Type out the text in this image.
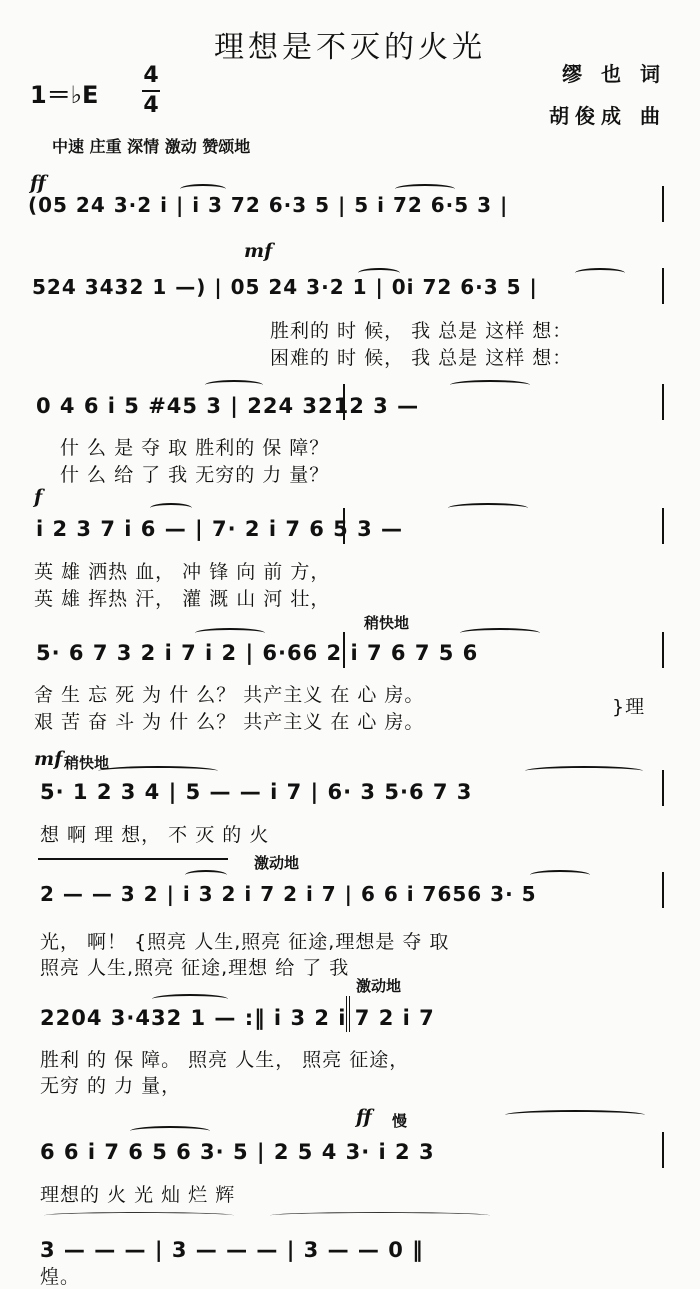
理想是不灭的火光
1＝♭E
4
4
缪 也 词
胡俊成 曲
中速 庄重 深情 激动 赞颂地
ff
(05 24 3·2 i | i 3 72 6·3 5 | 5 i 72 6·5 3 |
mf
524 3432 1 —) | 05 24 3·2 1 | 0i 72 6·3 5 |
胜利的 时 候， 我 总是 这样 想：
困难的 时 候， 我 总是 这样 想：
0 4 6 i 5 #45 3 | 224 3212 3 —
什 么 是 夺 取 胜利的 保 障？
什 么 给 了 我 无穷的 力 量？
f
i 2 3 7 i 6 — | 7· 2 i 7 6 5 3 —
英 雄 洒热 血， 冲 锋 向 前 方，
英 雄 挥热 汗， 灌 溉 山 河 壮，
稍快地
5· 6 7 3 2 i 7 i 2 | 6·66 2 i 7 6 7 5 6
舍 生 忘 死 为 什 么？ 共产主义 在 心 房。
艰 苦 奋 斗 为 什 么？ 共产主义 在 心 房。
}理
mf 稍快地
5· 1 2 3 4 | 5 — — i 7 | 6· 3 5·6 7 3
想 啊 理 想， 不 灭 的 火
激动地
2 — — 3 2 | i 3 2 i 7 2 i 7 | 6 6 i 7656 3· 5
光， 啊！ {照亮 人生,照亮 征途,理想是 夺 取
照亮 人生,照亮 征途,理想 给 了 我
激动地
2204 3·432 1 — :‖ i 3 2 i 7 2 i 7
胜利 的 保 障。 照亮 人生， 照亮 征途，
无穷 的 力 量，
ff 慢
6 6 i 7 6 5 6 3· 5 | 2 5 4 3· i 2 3
理想的 火 光 灿 烂 辉
3 — — — | 3 — — — | 3 — — 0 ‖
煌。
